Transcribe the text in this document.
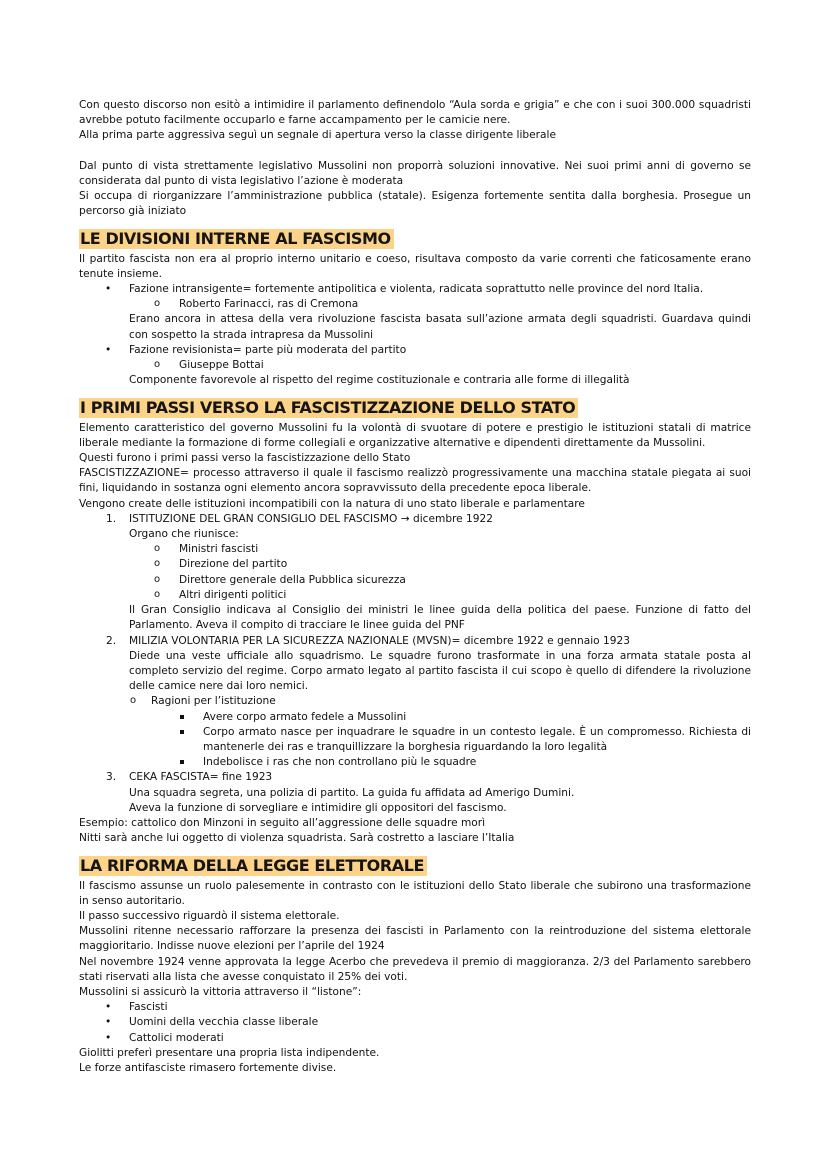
Con questo discorso non esitò a intimidire il parlamento definendolo “Aula sorda e grigia” e che con i suoi 300.000 squadristi avrebbe potuto facilmente occuparlo e farne accampamento per le camicie nere.

Alla prima parte aggressiva seguì un segnale di apertura verso la classe dirigente liberale

Dal punto di vista strettamente legislativo Mussolini non proporrà soluzioni innovative. Nei suoi primi anni di governo se considerata dal punto di vista legislativo l’azione è moderata

Si occupa di riorganizzare l’amministrazione pubblica (statale). Esigenza fortemente sentita dalla borghesia. Prosegue un percorso già iniziato

LE DIVISIONI INTERNE AL FASCISMO

Il partito fascista non era al proprio interno unitario e coeso, risultava composto da varie correnti che faticosamente erano tenute insieme.

• Fazione intransigente= fortemente antipolitica e violenta, radicata soprattutto nelle province del nord Italia.
o Roberto Farinacci, ras di Cremona

Erano ancora in attesa della vera rivoluzione fascista basata sull’azione armata degli squadristi. Guardava quindi con sospetto la strada intrapresa da Mussolini

• Fazione revisionista= parte più moderata del partito
o Giuseppe Bottai

Componente favorevole al rispetto del regime costituzionale e contraria alle forme di illegalità

I PRIMI PASSI VERSO LA FASCISTIZZAZIONE DELLO STATO

Elemento caratteristico del governo Mussolini fu la volontà di svuotare di potere e prestigio le istituzioni statali di matrice liberale mediante la formazione di forme collegiali e organizzative alternative e dipendenti direttamente da Mussolini.

Questi furono i primi passi verso la fascistizzazione dello Stato

FASCISTIZZAZIONE= processo attraverso il quale il fascismo realizzò progressivamente una macchina statale piegata ai suoi fini, liquidando in sostanza ogni elemento ancora sopravvissuto della precedente epoca liberale.

Vengono create delle istituzioni incompatibili con la natura di uno stato liberale e parlamentare

1. ISTITUZIONE DEL GRAN CONSIGLIO DEL FASCISMO → dicembre 1922

Organo che riunisce:

o Ministri fascisti
o Direzione del partito
o Direttore generale della Pubblica sicurezza
o Altri dirigenti politici

Il Gran Consiglio indicava al Consiglio dei ministri le linee guida della politica del paese. Funzione di fatto del Parlamento. Aveva il compito di tracciare le linee guida del PNF

2. MILIZIA VOLONTARIA PER LA SICUREZZA NAZIONALE (MVSN)= dicembre 1922 e gennaio 1923

Diede una veste ufficiale allo squadrismo. Le squadre furono trasformate in una forza armata statale posta al completo servizio del regime. Corpo armato legato al partito fascista il cui scopo è quello di difendere la rivoluzione delle camice nere dai loro nemici.

o Ragioni per l’istituzione
Avere corpo armato fedele a Mussolini
Corpo armato nasce per inquadrare le squadre in un contesto legale. È un compromesso. Richiesta di mantenerle dei ras e tranquillizzare la borghesia riguardando la loro legalità
Indebolisce i ras che non controllano più le squadre
3. CEKA FASCISTA= fine 1923

Una squadra segreta, una polizia di partito. La guida fu affidata ad Amerigo Dumini.

Aveva la funzione di sorvegliare e intimidire gli oppositori del fascismo.

Esempio: cattolico don Minzoni in seguito all’aggressione delle squadre morì

Nitti sarà anche lui oggetto di violenza squadrista. Sarà costretto a lasciare l’Italia

LA RIFORMA DELLA LEGGE ELETTORALE

Il fascismo assunse un ruolo palesemente in contrasto con le istituzioni dello Stato liberale che subirono una trasformazione in senso autoritario.

Il passo successivo riguardò il sistema elettorale.

Mussolini ritenne necessario rafforzare la presenza dei fascisti in Parlamento con la reintroduzione del sistema elettorale maggioritario. Indisse nuove elezioni per l’aprile del 1924

Nel novembre 1924 venne approvata la legge Acerbo che prevedeva il premio di maggioranza. 2/3 del Parlamento sarebbero stati riservati alla lista che avesse conquistato il 25% dei voti.

Mussolini si assicurò la vittoria attraverso il “listone”:

• Fascisti
• Uomini della vecchia classe liberale
• Cattolici moderati

Giolitti preferì presentare una propria lista indipendente.

Le forze antifasciste rimasero fortemente divise.
